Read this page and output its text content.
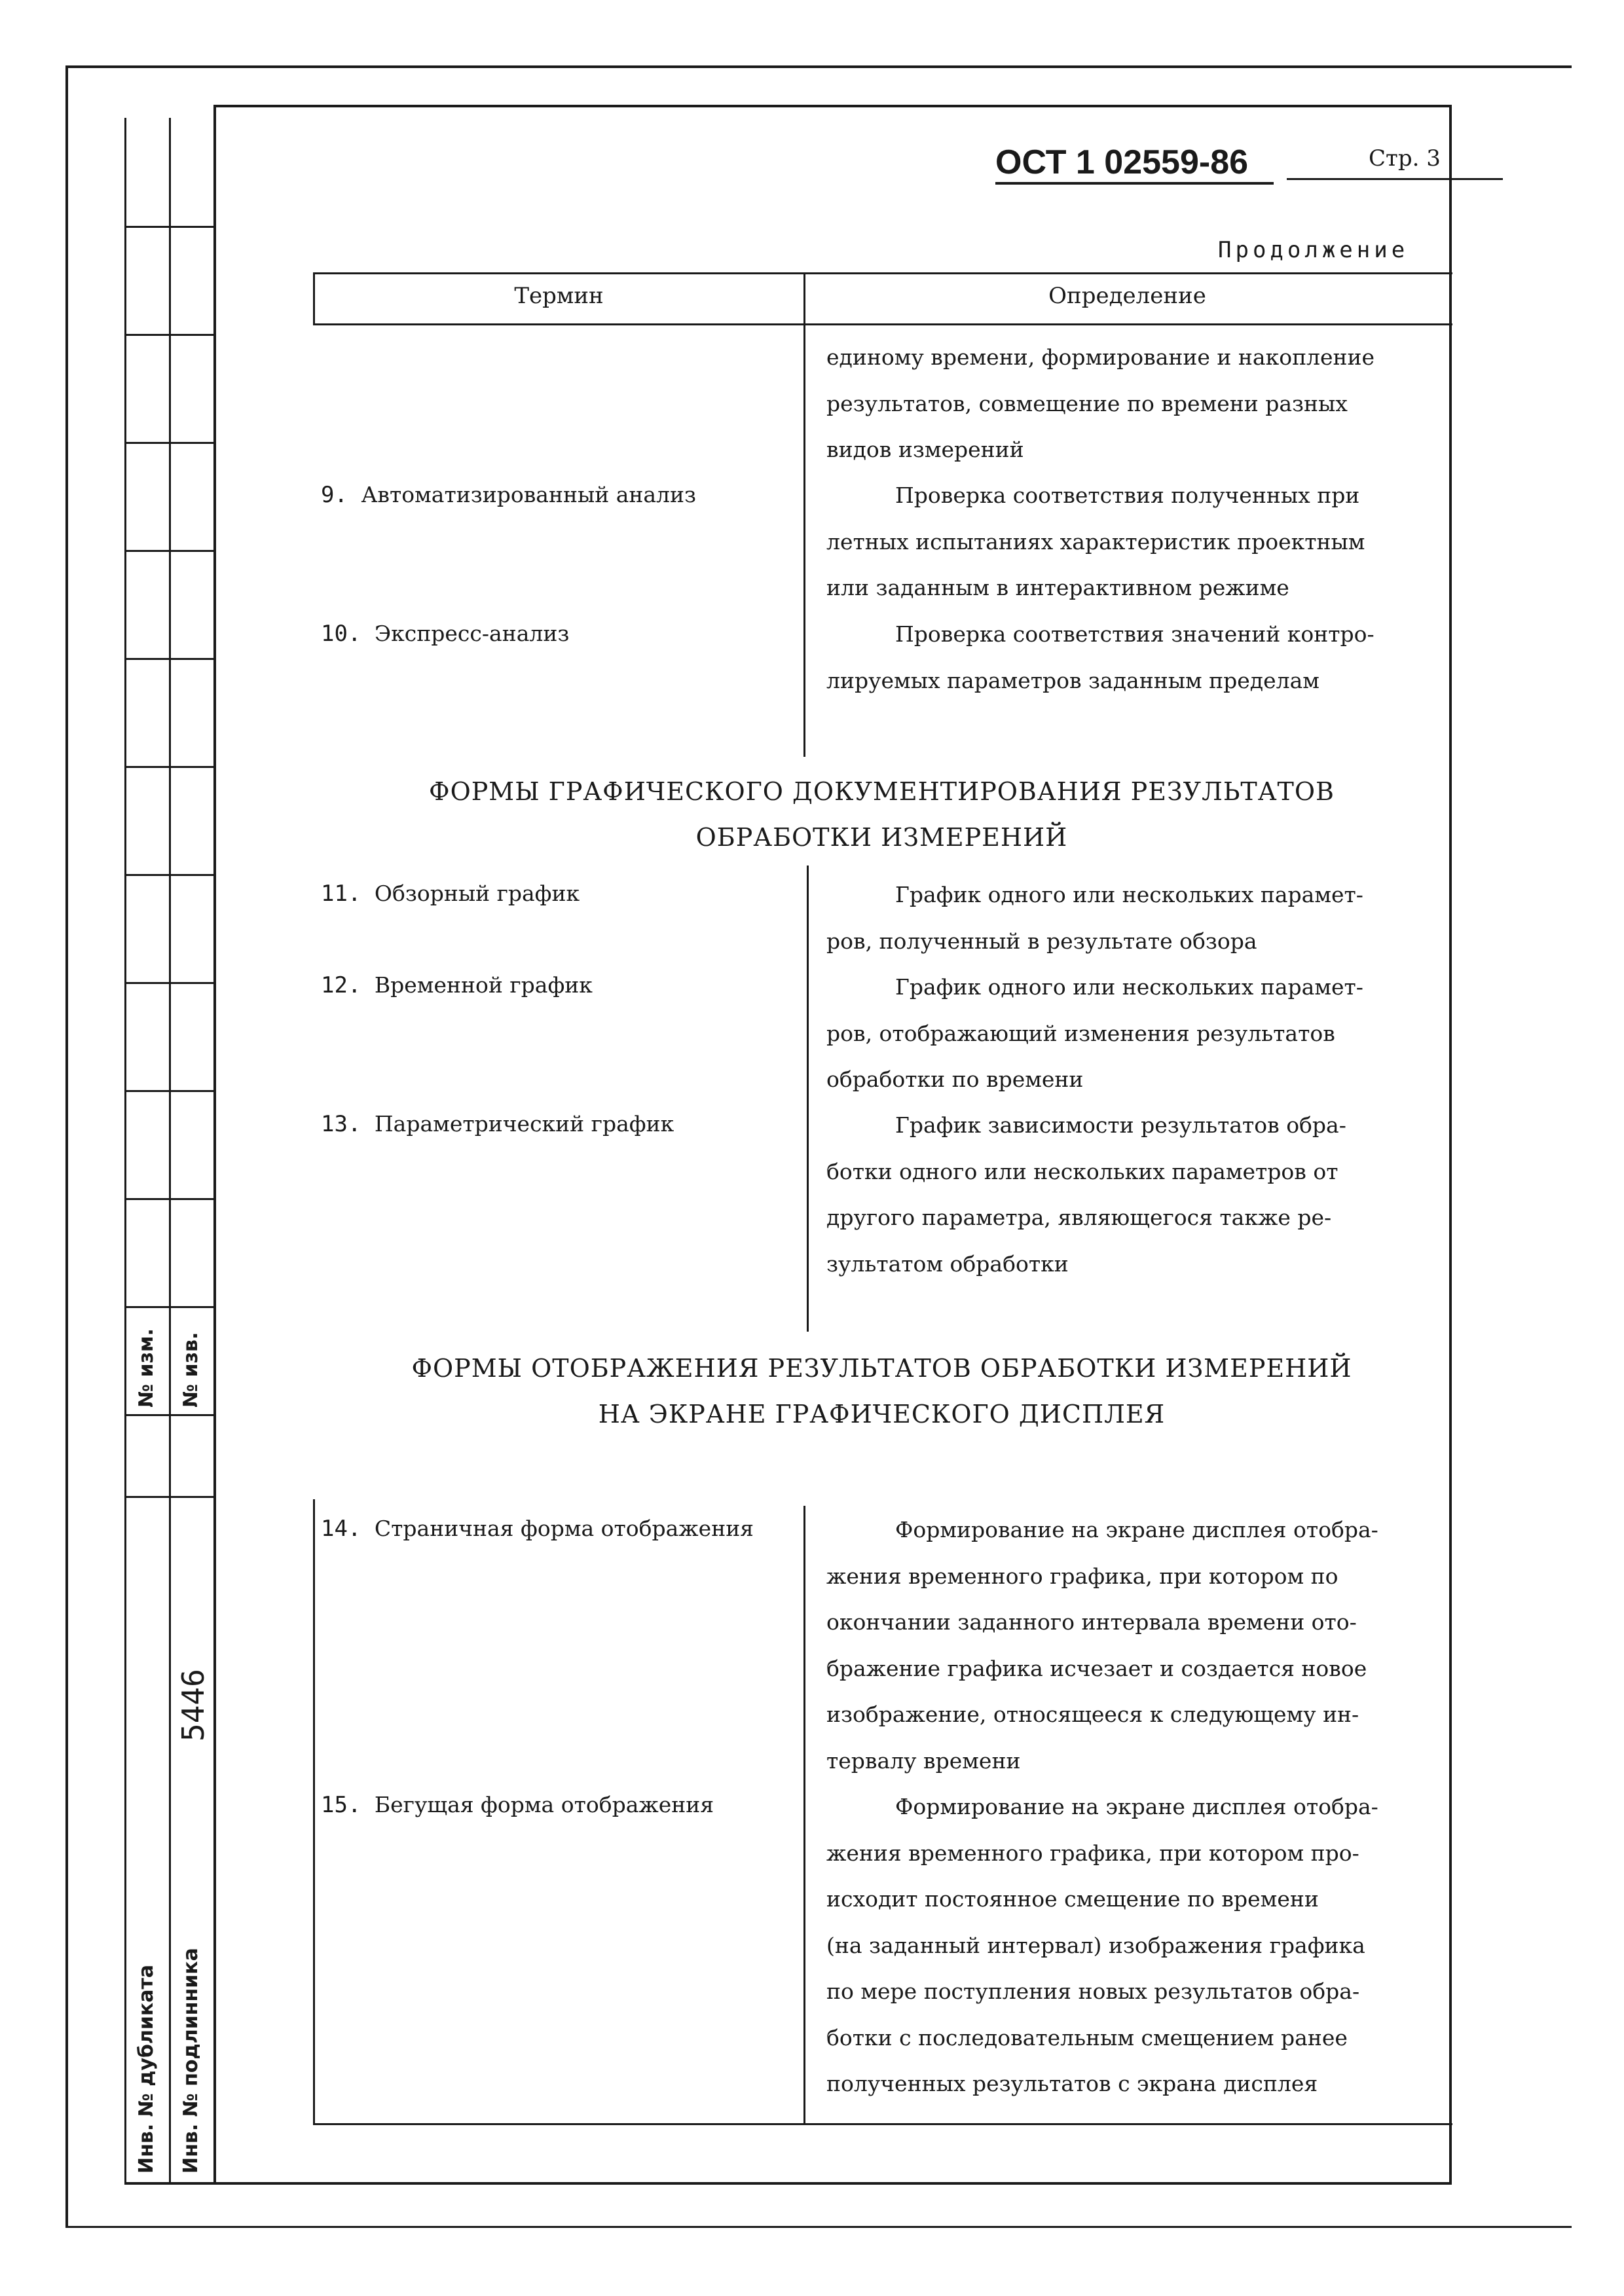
№ изм. № изв.
5446
Инв. № дубликата Инв. № подлинника
ОСТ 1 02559-86	Стр. 3
Продолжение
Термин	Определение
единому времени, формирование и накопление
результатов, совмещение по времени разных
видов измерений
9. Автоматизированный анализ	Проверка соответствия полученных при
летных испытаниях характеристик проектным
или заданным в интерактивном режиме
10. Экспресс-анализ	Проверка соответствия значений контро-
лируемых параметров заданным пределам
ФОРМЫ ГРАФИЧЕСКОГО ДОКУМЕНТИРОВАНИЯ РЕЗУЛЬТАТОВ
ОБРАБОТКИ ИЗМЕРЕНИЙ
11. Обзорный график	График одного или нескольких парамет-
ров, полученный в результате обзора
12. Временной график	График одного или нескольких парамет-
ров, отображающий изменения результатов
обработки по времени
13. Параметрический график	График зависимости результатов обра-
ботки одного или нескольких параметров от
другого параметра, являющегося также ре-
зультатом обработки
ФОРМЫ ОТОБРАЖЕНИЯ РЕЗУЛЬТАТОВ ОБРАБОТКИ ИЗМЕРЕНИЙ
НА ЭКРАНЕ ГРАФИЧЕСКОГО ДИСПЛЕЯ
14. Страничная форма отображения	Формирование на экране дисплея отобра-
жения временного графика, при котором по
окончании заданного интервала времени ото-
бражение графика исчезает и создается новое
изображение, относящееся к следующему ин-
тервалу времени
15. Бегущая форма отображения	Формирование на экране дисплея отобра-
жения временного графика, при котором про-
исходит постоянное смещение по времени
(на заданный интервал) изображения графика
по мере поступления новых результатов обра-
ботки с последовательным смещением ранее
полученных результатов с экрана дисплея
